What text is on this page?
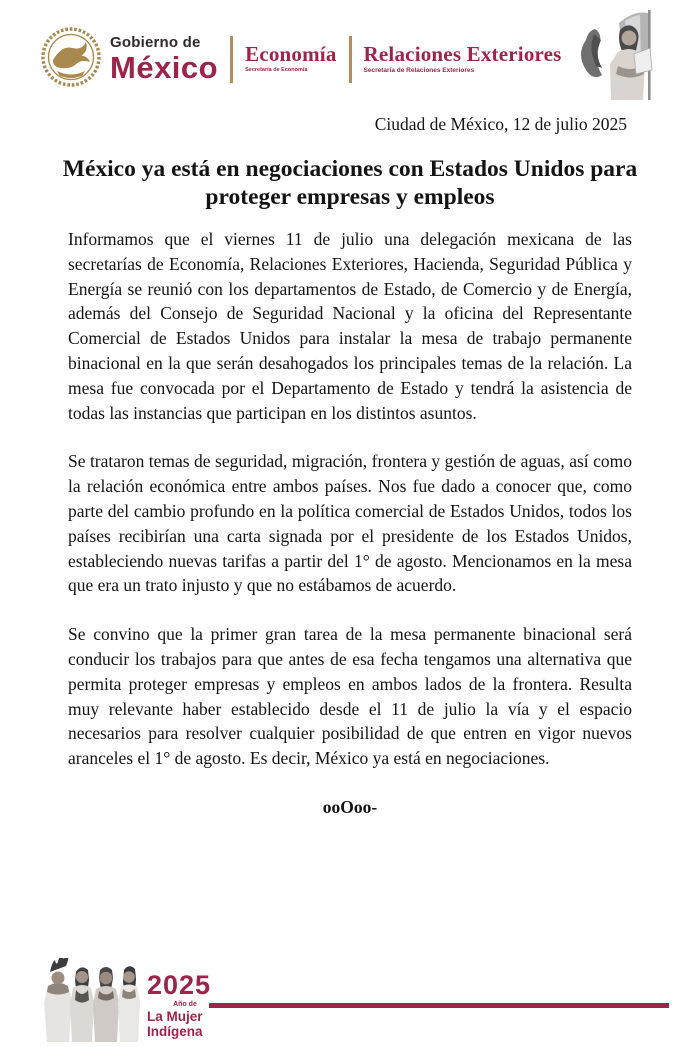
Gobierno de
México Economía
Secretaría de Economía
Relaciones Exteriores
Secretaría de Relaciones Exteriores
Ciudad de México, 12 de julio 2025
México ya está en negociaciones con Estados Unidos para proteger empresas y empleos

Informamos que el viernes 11 de julio una delegación mexicana de las secretarías de Economía, Relaciones Exteriores, Hacienda, Seguridad Pública y Energía se reunió con los departamentos de Estado, de Comercio y de Energía, además del Consejo de Seguridad Nacional y la oficina del Representante Comercial de Estados Unidos para instalar la mesa de trabajo permanente binacional en la que serán desahogados los principales temas de la relación. La mesa fue convocada por el Departamento de Estado y tendrá la asistencia de todas las instancias que participan en los distintos asuntos.

Se trataron temas de seguridad, migración, frontera y gestión de aguas, así como la relación económica entre ambos países. Nos fue dado a conocer que, como parte del cambio profundo en la política comercial de Estados Unidos, todos los países recibirían una carta signada por el presidente de los Estados Unidos, estableciendo nuevas tarifas a partir del 1° de agosto. Mencionamos en la mesa que era un trato injusto y que no estábamos de acuerdo.

Se convino que la primer gran tarea de la mesa permanente binacional será conducir los trabajos para que antes de esa fecha tengamos una alternativa que permita proteger empresas y empleos en ambos lados de la frontera. Resulta muy relevante haber establecido desde el 11 de julio la vía y el espacio necesarios para resolver cualquier posibilidad de que entren en vigor nuevos aranceles el 1° de agosto. Es decir, México ya está en negociaciones.

ooOoo-
2025
Año de
La Mujer
Indígena
